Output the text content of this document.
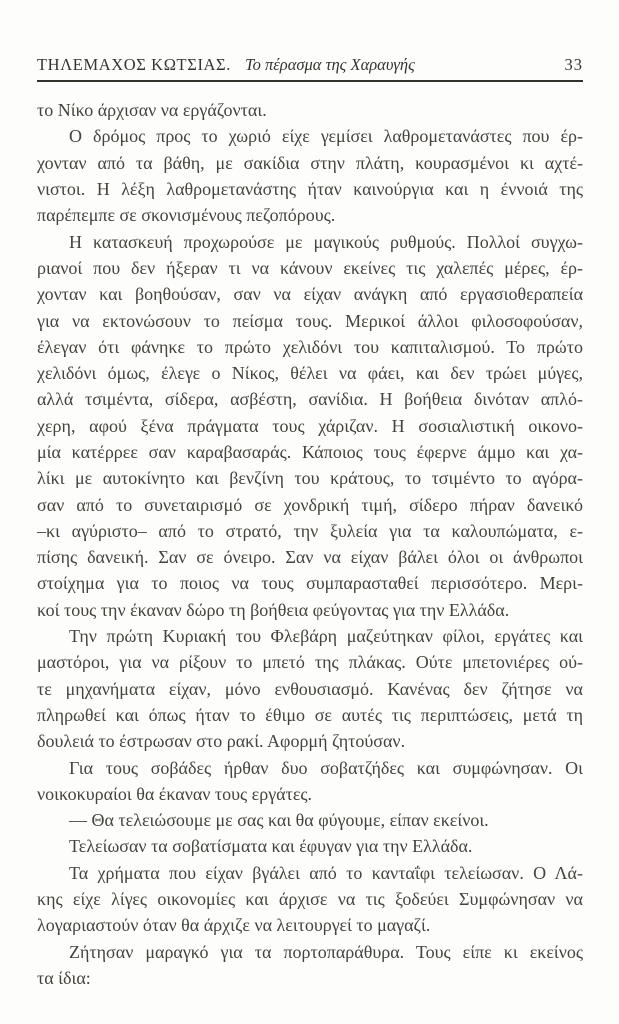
ΤΗΛΕΜΑΧΟΣ ΚΩΤΣΙΑΣ. Το πέρασμα της Χαραυγής	33
το Νίκο άρχισαν να εργάζονται.
Ο δρόμος προς το χωριό είχε γεμίσει λαθρομετανάστες που έρ-
χονταν από τα βάθη, με σακίδια στην πλάτη, κουρασμένοι κι αχτέ-
νιστοι. Η λέξη λαθρομετανάστης ήταν καινούργια και η έννοιά της
παρέπεμπε σε σκονισμένους πεζοπόρους.
Η κατασκευή προχωρούσε με μαγικούς ρυθμούς. Πολλοί συγχω-
ριανοί που δεν ήξεραν τι να κάνουν εκείνες τις χαλεπές μέρες, έρ-
χονταν και βοηθούσαν, σαν να είχαν ανάγκη από εργασιοθεραπεία
για να εκτονώσουν το πείσμα τους. Μερικοί άλλοι φιλοσοφούσαν,
έλεγαν ότι φάνηκε το πρώτο χελιδόνι του καπιταλισμού. Το πρώτο
χελιδόνι όμως, έλεγε ο Νίκος, θέλει να φάει, και δεν τρώει μύγες,
αλλά τσιμέντα, σίδερα, ασβέστη, σανίδια. Η βοήθεια δινόταν απλό-
χερη, αφού ξένα πράγματα τους χάριζαν. Η σοσιαλιστική οικονο-
μία κατέρρεε σαν καραβασαράς. Κάποιος τους έφερνε άμμο και χα-
λίκι με αυτοκίνητο και βενζίνη του κράτους, το τσιμέντο το αγόρα-
σαν από το συνεταιρισμό σε χονδρική τιμή, σίδερο πήραν δανεικό
–κι αγύριστο– από το στρατό, την ξυλεία για τα καλουπώματα, ε-
πίσης δανεική. Σαν σε όνειρο. Σαν να είχαν βάλει όλοι οι άνθρωποι
στοίχημα για το ποιος να τους συμπαρασταθεί περισσότερο. Μερι-
κοί τους την έκαναν δώρο τη βοήθεια φεύγοντας για την Ελλάδα.
Την πρώτη Κυριακή του Φλεβάρη μαζεύτηκαν φίλοι, εργάτες και
μαστόροι, για να ρίξουν το μπετό της πλάκας. Ούτε μπετονιέρες ού-
τε μηχανήματα είχαν, μόνο ενθουσιασμό. Κανένας δεν ζήτησε να
πληρωθεί και όπως ήταν το έθιμο σε αυτές τις περιπτώσεις, μετά τη
δουλειά το έστρωσαν στο ρακί. Αφορμή ζητούσαν.
Για τους σοβάδες ήρθαν δυο σοβατζήδες και συμφώνησαν. Οι
νοικοκυραίοι θα έκαναν τους εργάτες.
— Θα τελειώσουμε με σας και θα φύγουμε, είπαν εκείνοι.
Τελείωσαν τα σοβατίσματα και έφυγαν για την Ελλάδα.
Τα χρήματα που είχαν βγάλει από το κανταΐφι τελείωσαν. Ο Λά-
κης είχε λίγες οικονομίες και άρχισε να τις ξοδεύει Συμφώνησαν να
λογαριαστούν όταν θα άρχιζε να λειτουργεί το μαγαζί.
Ζήτησαν μαραγκό για τα πορτοπαράθυρα. Τους είπε κι εκείνος
τα ίδια:
